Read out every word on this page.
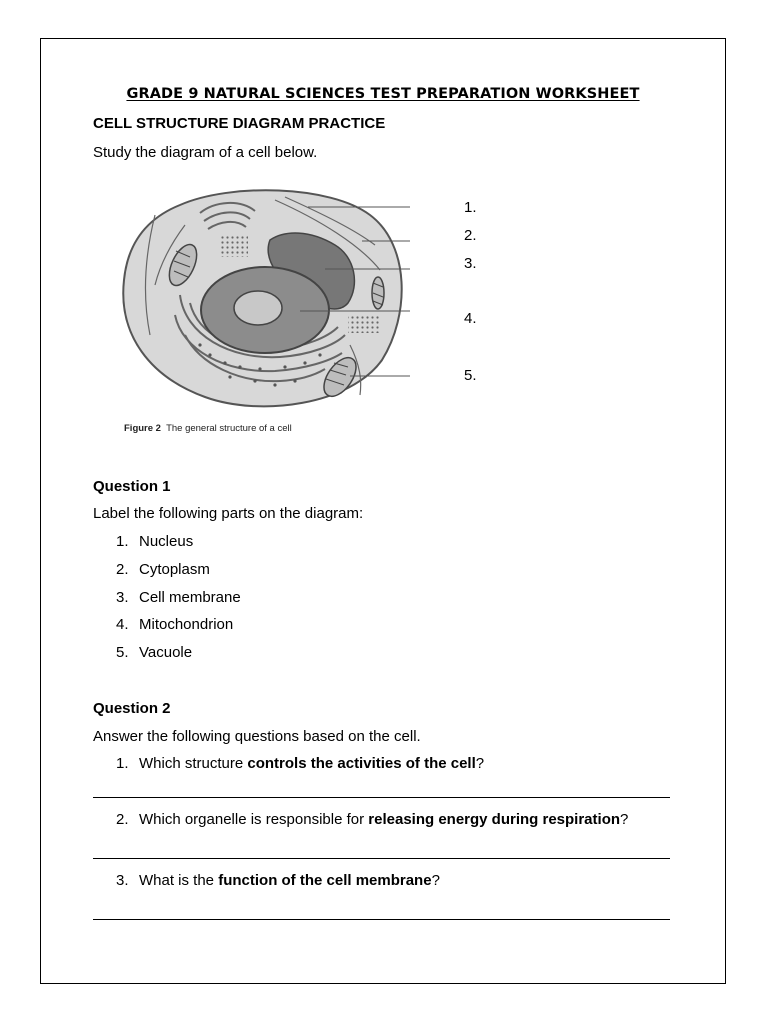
GRADE 9 NATURAL SCIENCES TEST PREPARATION WORKSHEET
CELL STRUCTURE DIAGRAM PRACTICE
Study the diagram of a cell below.
1.
2.
3.
4.
5.
Figure 2 The general structure of a cell
Question 1
Label the following parts on the diagram:
1. Nucleus
2. Cytoplasm
3. Cell membrane
4. Mitochondrion
5. Vacuole
Question 2
Answer the following questions based on the cell.
1. Which structure controls the activities of the cell?
2. Which organelle is responsible for releasing energy during respiration?
3. What is the function of the cell membrane?
